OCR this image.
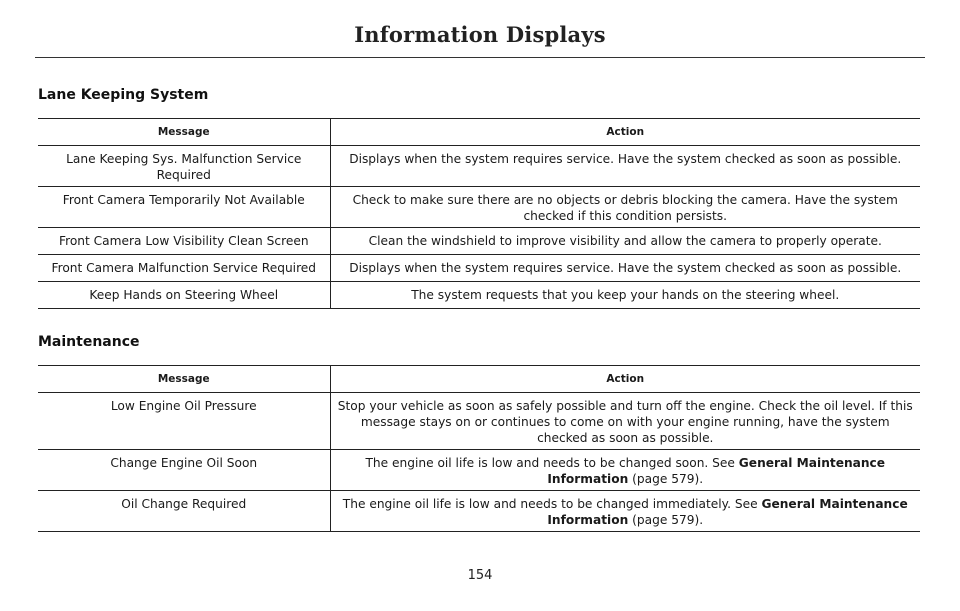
Information Displays
Lane Keeping System
Message	Action
Lane Keeping Sys. Malfunction Service Required	Displays when the system requires service. Have the system checked as soon as possible.
Front Camera Temporarily Not Available	Check to make sure there are no objects or debris blocking the camera. Have the system checked if this condition persists.
Front Camera Low Visibility Clean Screen	Clean the windshield to improve visibility and allow the camera to properly operate.
Front Camera Malfunction Service Required	Displays when the system requires service. Have the system checked as soon as possible.
Keep Hands on Steering Wheel	The system requests that you keep your hands on the steering wheel.
Maintenance
Message	Action
Low Engine Oil Pressure	Stop your vehicle as soon as safely possible and turn off the engine. Check the oil level. If this message stays on or continues to come on with your engine running, have the system checked as soon as possible.
Change Engine Oil Soon	The engine oil life is low and needs to be changed soon. See General Maintenance Information (page 579).
Oil Change Required	The engine oil life is low and needs to be changed immediately. See General Maintenance Information (page 579).
154
